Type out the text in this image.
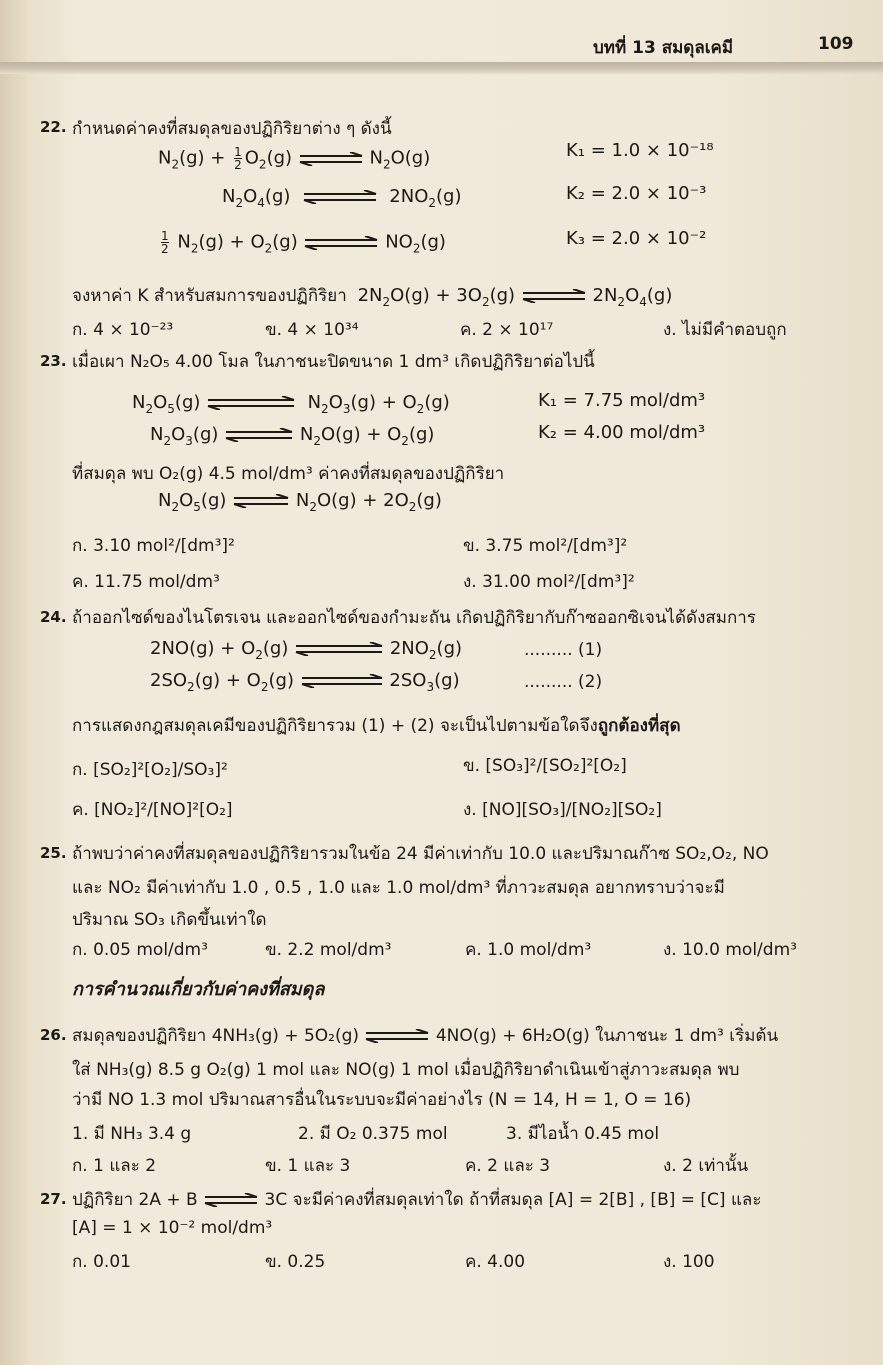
บทที่ 13 สมดุลเคมี	109
22. กำหนดค่าคงที่สมดุลของปฏิกิริยาต่าง ๆ ดังนี้
$N_2(g) + \frac{1}{2} O_2(g)$ ⇌ $N_2O(g)$	K₁ = 1.0 × 10⁻¹⁸
$N_2O_4(g)$	$2NO_2(g)$	K₂ = 2.0 × 10⁻³
$\frac{1}{2} N_2(g) + O_2(g)$	$NO_2(g)$	K₃ = 2.0 × 10⁻²
จงหาค่า K สำหรับสมการของปฏิกิริยา $2N_2O(g) + 3O_2(g)$ ⇌ $2N_2O_4(g)$
ก. 4 × 10⁻²³	ข. 4 × 10³⁴	ค. 2 × 10¹⁷	ง. ไม่มีคำตอบถูก
23. เมื่อเผา N₂O₅ 4.00 โมล ในภาชนะปิดขนาด 1 dm³ เกิดปฏิกิริยาต่อไปนี้
$N_2O_5(g)$	$N_2O_3(g) + O_2(g)$	K₁ = 7.75 mol/dm³
$N_2O_3(g)$ ⇌ $N_2O(g) + O_2(g)$	K₂ = 4.00 mol/dm³
ที่สมดุล พบ O₂(g) 4.5 mol/dm³ ค่าคงที่สมดุลของปฏิกิริยา
$N_2O_5(g)$ ⇌ $N_2O(g) + 2O_2(g)$
ก. 3.10 mol²/[dm³]²	ข. 3.75 mol²/[dm³]²
ค. 11.75 mol/dm³	ง. 31.00 mol²/[dm³]²
24. ถ้าออกไซด์ของไนโตรเจน และออกไซด์ของกำมะถัน เกิดปฏิกิริยากับก๊าซออกซิเจนได้ดังสมการ
$2NO(g) + O_2(g)$	$2NO_2(g)$	......... (1)
$2SO_2(g) + O_2(g)$	$2SO_3(g)$	......... (2)
การแสดงกฎสมดุลเคมีของปฏิกิริยารวม (1) + (2) จะเป็นไปตามข้อใดจึงถูกต้องที่สุด
ก. [SO₂]²[O₂]/SO₃]²	ข. [SO₃]²/[SO₂]²[O₂]
ค. [NO₂]²/[NO]²[O₂]	ง. [NO][SO₃]/[NO₂][SO₂]
25. ถ้าพบว่าค่าคงที่สมดุลของปฏิกิริยารวมในข้อ 24 มีค่าเท่ากับ 10.0 และปริมาณก๊าซ SO₂,O₂, NO
และ NO₂ มีค่าเท่ากับ 1.0 , 0.5 , 1.0 และ 1.0 mol/dm³ ที่ภาวะสมดุล อยากทราบว่าจะมี
ปริมาณ SO₃ เกิดขึ้นเท่าใด
ก. 0.05 mol/dm³	ข. 2.2 mol/dm³	ค. 1.0 mol/dm³	ง. 10.0 mol/dm³
การคำนวณเกี่ยวกับค่าคงที่สมดุล
26. สมดุลของปฏิกิริยา 4NH₃(g) + 5O₂(g) ⇌ 4NO(g) + 6H₂O(g) ในภาชนะ 1 dm³ เริ่มต้น
ใส่ NH₃(g) 8.5 g O₂(g) 1 mol และ NO(g) 1 mol เมื่อปฏิกิริยาดำเนินเข้าสู่ภาวะสมดุล พบ
ว่ามี NO 1.3 mol ปริมาณสารอื่นในระบบจะมีค่าอย่างไร (N = 14, H = 1, O = 16)
1. มี NH₃ 3.4 g	2. มี O₂ 0.375 mol	3. มีไอน้ำ 0.45 mol
ก. 1 และ 2	ข. 1 และ 3	ค. 2 และ 3	ง. 2 เท่านั้น
27. ปฏิกิริยา 2A + B ⇌ 3C จะมีค่าคงที่สมดุลเท่าใด ถ้าที่สมดุล [A] = 2[B] , [B] = [C] และ
[A] = 1 × 10⁻² mol/dm³
ก. 0.01	ข. 0.25	ค. 4.00	ง. 100
